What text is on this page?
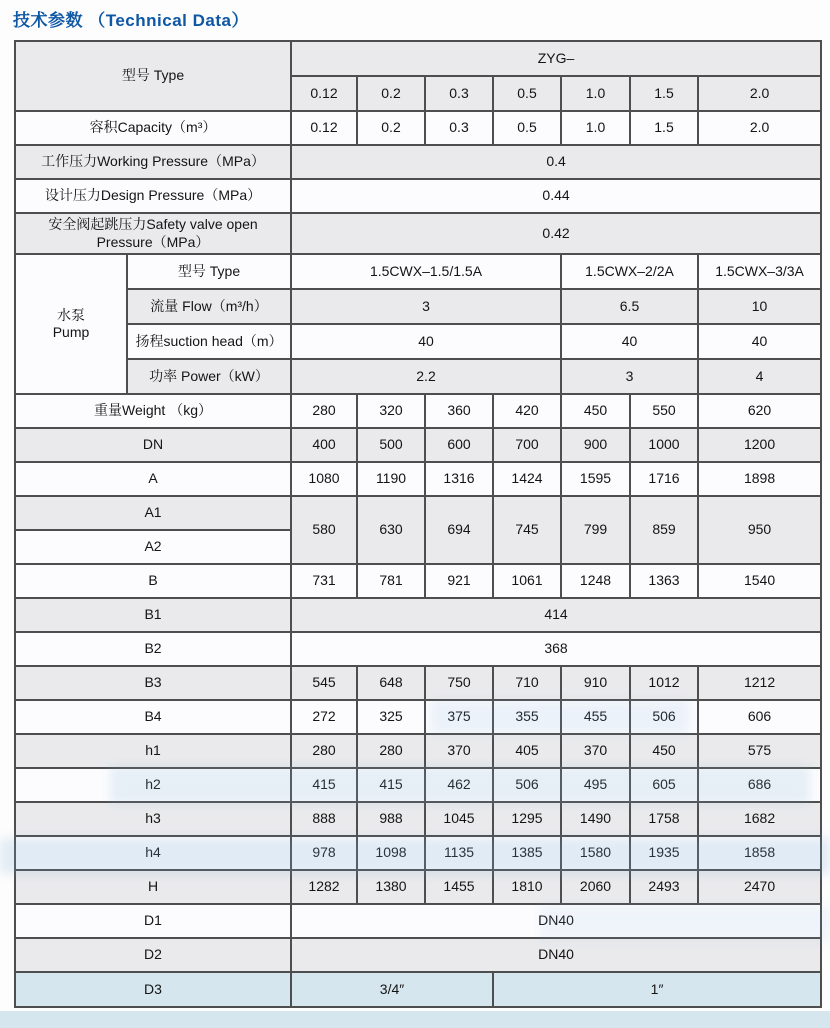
技术参数 （Technical Data）
型号 Type		ZYG–						
		0.12	0.2	0.3	0.5	1.0	1.5	2.0
容积Capacity（m³）		0.12	0.2	0.3	0.5	1.0	1.5	2.0
工作压力Working Pressure（MPa）		0.4						
设计压力Design Pressure（MPa）		0.44						
安全阀起跳压力Safety valve open Pressure（MPa）		0.42						
水泵
Pump	型号 Type	1.5CWX–1.5/1.5A				1.5CWX–2/2A		1.5CWX–3/3A
	流量 Flow（m³/h）	3				6.5		10
	扬程suction head（m）	40				40		40
	功率 Power（kW）	2.2				3		4
重量Weight （kg）		280	320	360	420	450	550	620
DN		400	500	600	700	900	1000	1200
A		1080	1190	1316	1424	1595	1716	1898
A1		580	630	694	745	799	859	950
A2								
B		731	781	921	1061	1248	1363	1540
B1		414						
B2		368						
B3		545	648	750	710	910	1012	1212
B4		272	325	375	355	455	506	606
h1		280	280	370	405	370	450	575
h2		415	415	462	506	495	605	686
h3		888	988	1045	1295	1490	1758	1682
h4		978	1098	1135	1385	1580	1935	1858
H		1282	1380	1455	1810	2060	2493	2470
D1		DN40						
D2		DN40						
D3		3/4″			1″			
